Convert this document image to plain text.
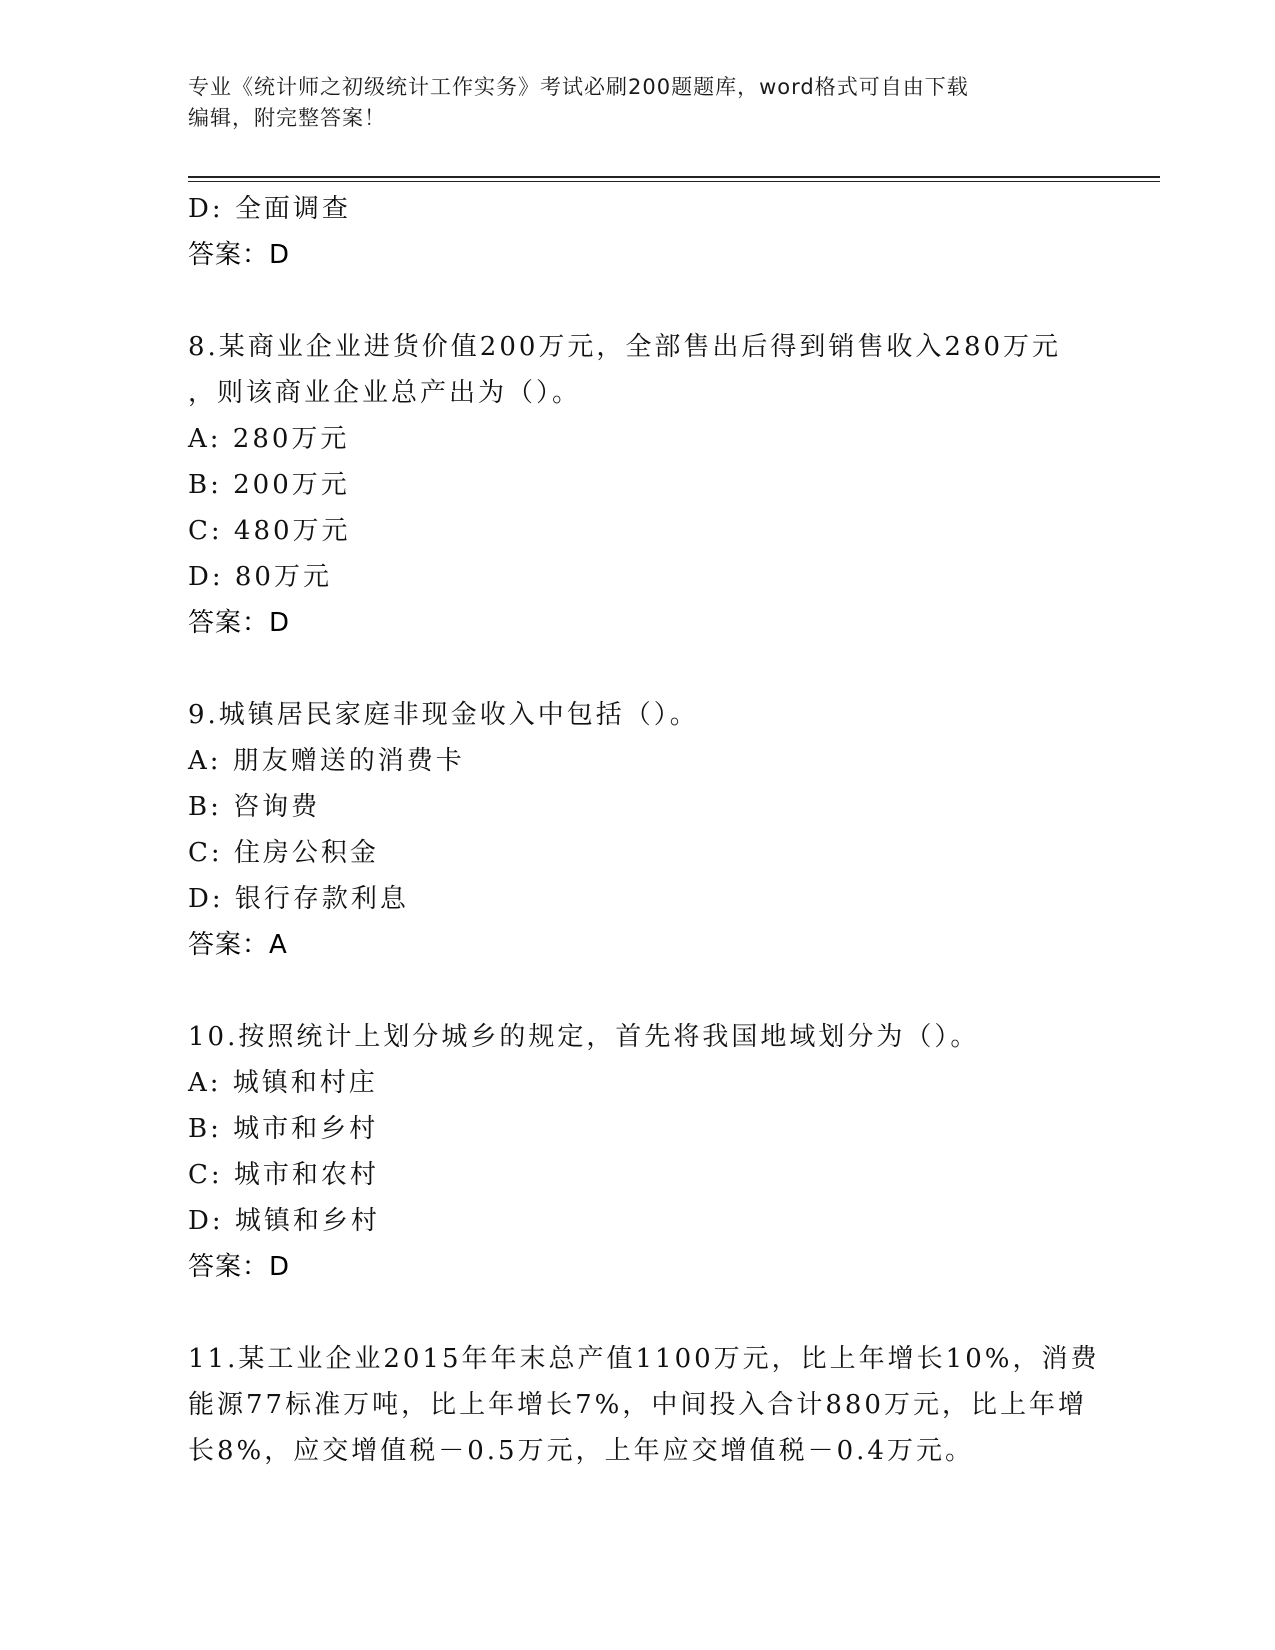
专业《统计师之初级统计工作实务》考试必刷200题题库，word格式可自由下载
编辑，附完整答案！
D: 全面调查
答案：D
8.某商业企业进货价值200万元，全部售出后得到销售收入280万元
，则该商业企业总产出为（）。
A: 280万元
B: 200万元
C: 480万元
D: 80万元
答案：D
9.城镇居民家庭非现金收入中包括（）。
A: 朋友赠送的消费卡
B: 咨询费
C: 住房公积金
D: 银行存款利息
答案：A
10.按照统计上划分城乡的规定，首先将我国地域划分为（）。
A: 城镇和村庄
B: 城市和乡村
C: 城市和农村
D: 城镇和乡村
答案：D
11.某工业企业2015年年末总产值1100万元，比上年增长10%，消费
能源77标准万吨，比上年增长7%，中间投入合计880万元，比上年增
长8%，应交增值税－0.5万元，上年应交增值税－0.4万元。
